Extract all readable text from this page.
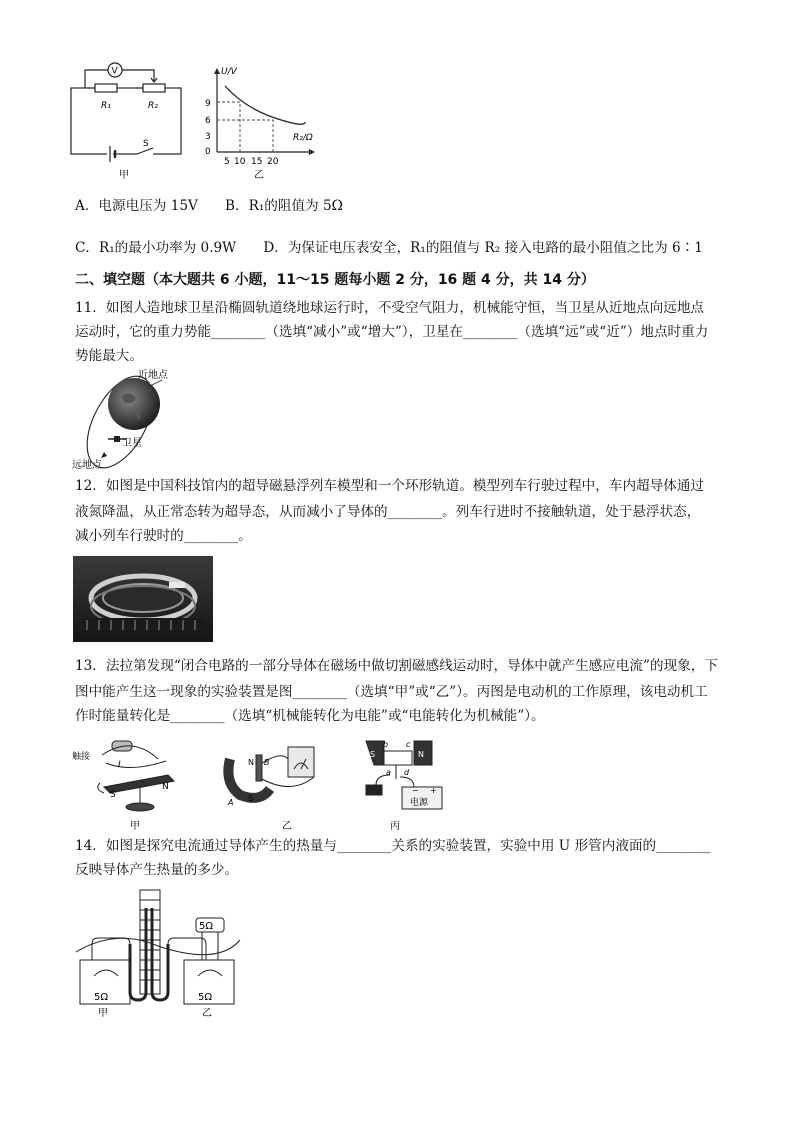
V
R₁	R₂
S
甲
U/V
R₂/Ω
9
6
3
0
5 10 15 20
乙
A．电源电压为 15V　　B．R₁的阻值为 5Ω
C．R₁的最小功率为 0.9W　　D．为保证电压表安全，R₁的阻值与 R₂ 接入电路的最小阻值之比为 6∶1
二、填空题（本大题共 6 小题，11～15 题每小题 2 分，16 题 4 分，共 14 分）
11．如图人造地球卫星沿椭圆轨道绕地球运行时，不受空气阻力，机械能守恒，当卫星从近地点向远地点
运动时，它的重力势能________（选填“减小”或“增大”），卫星在________（选填“远”或“近”）地点时重力
势能最大。
近地点
卫星
远地点
12．如图是中国科技馆内的超导磁悬浮列车模型和一个环形轨道。模型列车行驶过程中，车内超导体通过
液氮降温，从正常态转为超导态，从而减小了导体的________。列车行进时不接触轨道，处于悬浮状态，
减小列车行驶时的________。
13．法拉第发现“闭合电路的一部分导体在磁场中做切割磁感线运动时，导体中就产生感应电流”的现象，下
图中能产生这一现象的实验装置是图________（选填“甲”或“乙”）。丙图是电动机的工作原理，该电动机工
作时能量转化是________（选填“机械能转化为电能”或“电能转化为机械能”）。
触接
I
S
N
甲
N B
A S
乙
S	N
b c
a d
− +
电源
丙
14．如图是探究电流通过导体产生的热量与________关系的实验装置，实验中用 U 形管内液面的________
反映导体产生热量的多少。
5Ω	5Ω
5Ω
甲	乙
